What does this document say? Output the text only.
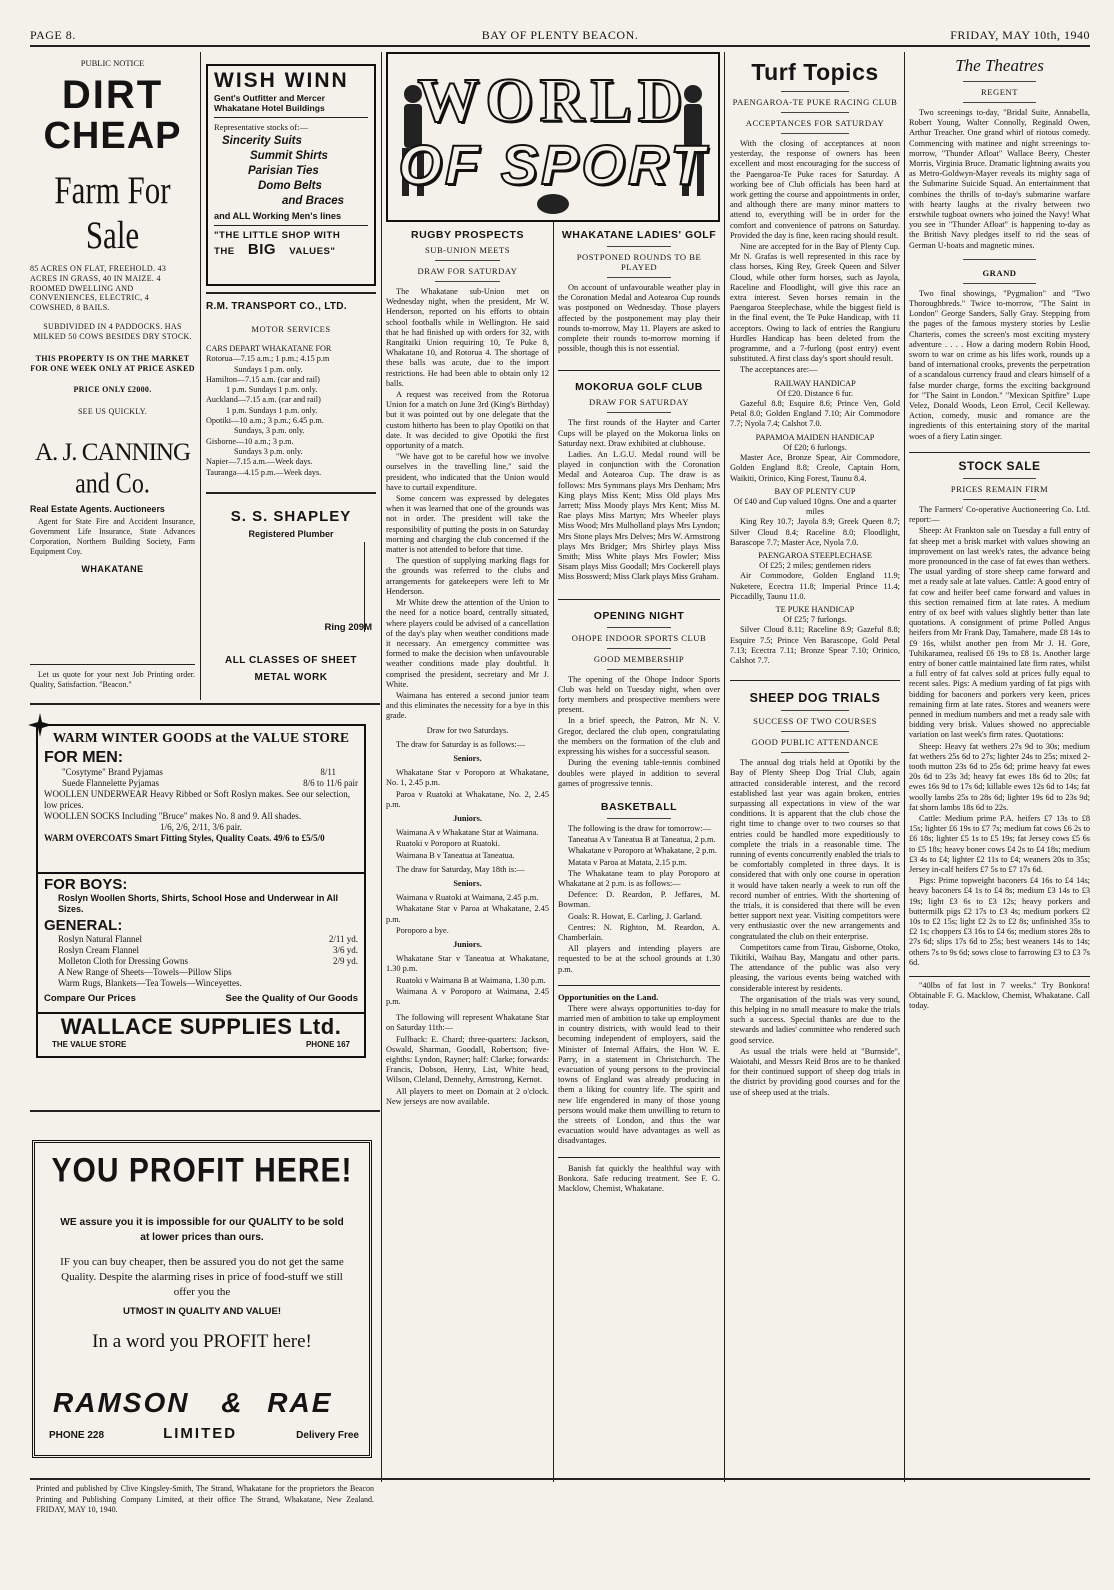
PAGE 8.	BAY OF PLENTY BEACON.	FRIDAY, MAY 10th, 1940
PUBLIC NOTICE
DIRT
CHEAP
Farm For Sale
85 ACRES ON FLAT, FREEHOLD. 43 ACRES IN GRASS, 40 IN MAIZE. 4 ROOMED DWELLING AND CONVENIENCES, ELECTRIC, 4 COWSHED, 8 BAILS.
SUBDIVIDED IN 4 PADDOCKS. HAS MILKED 50 COWS BESIDES DRY STOCK.
THIS PROPERTY IS ON THE MARKET FOR ONE WEEK ONLY AT PRICE ASKED
PRICE ONLY £2000.
SEE US QUICKLY.
A. J. CANNING
and Co.
Real Estate Agents. Auctioneers
Agent for State Fire and Accident Insurance, Government Life Insurance, State Advances Corporation, Northern Building Society, Farm Equipment Coy.
WHAKATANE
Let us quote for your next Job Printing order. Quality, Satisfaction. "Beacon."
WISH WINN
Gent's Outfitter and Mercer
Whakatane Hotel Buildings
Representative stocks of:—
Sincerity Suits
Summit Shirts
Parisian Ties
Domo Belts
and Braces
and ALL Working Men's lines
"THE LITTLE SHOP WITH
THE BIG VALUES"
R.M. TRANSPORT CO., LTD.
MOTOR SERVICES
CARS DEPART WHAKATANE FOR
Rotorua—7.15 a.m.; 1 p.m.; 4.15 p.m
Sundays 1 p.m. only.
Hamilton—7.15 a.m. (car and rail)
1 p.m. Sundays 1 p.m. only.
Auckland—7.15 a.m. (car and rail)
1 p.m. Sundays 1 p.m. only.
Opotiki—10 a.m.; 3 p.m.; 6.45 p.m.
Sundays, 3 p.m. only.
Gisborne—10 a.m.; 3 p.m.
Sundays 3 p.m. only.
Napier—7.15 a.m.—Week days.
Tauranga—4.15 p.m.—Week days.
S. S. SHAPLEY
Registered Plumber
Ring 209M
ALL CLASSES OF SHEET
METAL WORK
WARM WINTER GOODS at the VALUE STORE
FOR MEN:
"Cosytyme" Brand Pyjamas	8/11
Suede Flannelette Pyjamas	8/6 to 11/6 pair
WOOLLEN UNDERWEAR Heavy Ribbed or Soft Roslyn makes. See our selection, low prices.
WOOLLEN SOCKS Including "Bruce" makes No. 8 and 9. All shades.
1/6, 2/6, 2/11, 3/6 pair.
WARM OVERCOATS Smart Fitting Styles, Quality Coats. 49/6 to £5/5/0
FOR BOYS:
Roslyn Woollen Shorts, Shirts, School Hose and Underwear in All Sizes.
GENERAL:
Roslyn Natural Flannel	2/11 yd.
Roslyn Cream Flannel	3/6 yd.
Molleton Cloth for Dressing Gowns	2/9 yd.
A New Range of Sheets—Towels—Pillow Slips
Warm Rugs, Blankets—Tea Towels—Winceyettes.
Compare Our Prices	See the Quality of Our Goods
WALLACE SUPPLIES Ltd.
THE VALUE STORE	PHONE 167
YOU PROFIT HERE!
WE assure you it is impossible for our QUALITY to be sold at lower prices than ours.
IF you can buy cheaper, then be assured you do not get the same Quality. Despite the alarming rises in price of food-stuff we still offer you the
UTMOST IN QUALITY AND VALUE!
In a word you PROFIT here!
RAMSON & RAE
PHONE 228	LIMITED	Delivery Free
Printed and published by Clive Kingsley-Smith, The Strand, Whakatane for the proprietors the Beacon Printing and Publishing Company Limited, at their office The Strand, Whakatane, New Zealand. FRIDAY, MAY 10, 1940.
WORLD
OF SPORT
RUGBY PROSPECTS
SUB-UNION MEETS
DRAW FOR SATURDAY

The Whakatane sub-Union met on Wednesday night, when the president, Mr W. Henderson, reported on his efforts to obtain school footballs while in Wellington. He said that he had finished up with orders for 32, with Rangitaiki Union requiring 10, Te Puke 8, Whakatane 10, and Rotorua 4. The shortage of these balls was acute, due to the import restrictions. He had been able to obtain only 12 balls.

A request was received from the Rotorua Union for a match on June 3rd (King's Birthday) but it was pointed out by one delegate that the custom hitherto has been to play Opotiki on that date. It was decided to give Opotiki the first opportunity of a match.

"We have got to be careful how we involve ourselves in the travelling line," said the president, who indicated that the Union would have to curtail expenditure.

Some concern was expressed by delegates when it was learned that one of the grounds was not in order. The president will take the responsibility of putting the posts in on Saturday morning and charging the club concerned if the matter is not attended to before that time.

The question of supplying marking flags for the grounds was referred to the clubs and arrangements for gatekeepers were left to Mr Henderson.

Mr White drew the attention of the Union to the need for a notice board, centrally situated, where players could be advised of a cancellation of the day's play when weather conditions made it necessary. An emergency committee was formed to make the decision when unfavourable weather conditions made play doubtful. It comprised the president, secretary and Mr J. White.

Waimana has entered a second junior team and this eliminates the necessity for a bye in this grade.

Draw for two Saturdays.

The draw for Saturday is as follows:—

Seniors.

Whakatane Star v Poroporo at Whakatane, No. 1, 2.45 p.m.

Paroa v Ruatoki at Whakatane, No. 2, 2.45 p.m.

Juniors.

Waimana A v Whakatane Star at Waimana.

Ruatoki v Poroporo at Ruatoki.

Waimana B v Taneatua at Taneatua.

The draw for Saturday, May 18th is:—

Seniors.

Waimana v Ruatoki at Waimana, 2.45 p.m.

Whakatane Star v Paroa at Whakatane, 2.45 p.m.

Poroporo a bye.

Juniors.

Whakatane Star v Taneatua at Whakatane, 1.30 p.m.

Ruatoki v Waimana B at Waimana, 1.30 p.m.

Waimana A v Poroporo at Waimana, 2.45 p.m.

The following will represent Whakatane Star on Saturday 11th:—

Fullback: E. Chard; three-quarters: Jackson, Oswald, Sharman, Goodall, Robertson; five-eighths: Lyndon, Rayner; half: Clarke; forwards: Francis, Dobson, Henry, List, White head, Wilson, Cleland, Dennehy, Armstrong, Kernot.

All players to meet on Domain at 2 o'clock. New jerseys are now available.

WHAKATANE LADIES' GOLF
POSTPONED ROUNDS TO BE PLAYED

On account of unfavourable weather play in the Coronation Medal and Aotearoa Cup rounds was postponed on Wednesday. Those players affected by the postponement may play their rounds to-morrow, May 11. Players are asked to complete their rounds to-morrow morning if possible, though this is not essential.

MOKORUA GOLF CLUB
DRAW FOR SATURDAY

The first rounds of the Hayter and Carter Cups will be played on the Mokorua links on Saturday next. Draw exhibited at clubhouse.

Ladies. An L.G.U. Medal round will be played in conjunction with the Coronation Medal and Aotearoa Cup. The draw is as follows: Mrs Symmans plays Mrs Denham; Mrs King plays Miss Kent; Miss Old plays Mrs Jarrett; Miss Moody plays Mrs Kent; Miss M. Rae plays Miss Martyn; Mrs Wheeler plays Miss Wood; Mrs Mulholland plays Mrs Lyndon; Mrs Stone plays Mrs Delves; Mrs W. Armstrong plays Mrs Bridger; Mrs Shirley plays Miss Smith; Miss White plays Mrs Fowler; Miss Sisam plays Miss Goodall; Mrs Cockerell plays Miss Bosswerd; Miss Clark plays Miss Graham.

OPENING NIGHT
OHOPE INDOOR SPORTS CLUB
GOOD MEMBERSHIP

The opening of the Ohope Indoor Sports Club was held on Tuesday night, when over forty members and prospective members were present.

In a brief speech, the Patron, Mr N. V. Gregor, declared the club open, congratulating the members on the formation of the club and expressing his wishes for a successful season.

During the evening table-tennis combined doubles were played in addition to several games of progressive tennis.

BASKETBALL

The following is the draw for tomorrow:—

Taneatua A v Taneatua B at Taneatua, 2 p.m.

Whakatane v Poroporo at Whakatane, 2 p.m.

Matata v Paroa at Matata, 2.15 p.m.

The Whakatane team to play Poroporo at Whakatane at 2 p.m. is as follows:—

Defence: D. Reardon, P. Jeffares, M. Bowman.

Goals: R. Howat, E. Carling, J. Garland.

Centres: N. Righton, M. Reardon, A. Chamberlain.

All players and intending players are requested to be at the school grounds at 1.30 p.m.

Opportunities on the Land.

There were always opportunities to-day for married men of ambition to take up employment in country districts, with would lead to their becoming independent of employers, said the Minister of Internal Affairs, the Hon W. E. Parry, in a statement in Christchurch. The evacuation of young persons to the provincial towns of England was already producing in them a liking for country life. The spirit and new life engendered in many of those young persons would make them unwilling to return to the streets of London, and thus the war evacuation would have advantages as well as disadvantages.

Banish fat quickly the healthful way with Bonkora. Safe reducing treatment. See F. G. Macklow, Chemist, Whakatane.

Turf Topics
PAENGAROA-TE PUKE RACING CLUB
ACCEPTANCES FOR SATURDAY

With the closing of acceptances at noon yesterday, the response of owners has been excellent and most encouraging for the success of the Paengaroa-Te Puke races for Saturday. A working bee of Club officials has been hard at work getting the course and appointments in order, and although there are many minor matters to attend to, everything will be in order for the comfort and convenience of patrons on Saturday. Provided the day is fine, keen racing should result.

Nine are accepted for in the Bay of Plenty Cup. Mr N. Grafas is well represented in this race by class horses, King Rey, Greek Queen and Silver Cloud, while other form horses, such as Jayola, Raceline and Floodlight, will give this race an extra interest. Seven horses remain in the Paengaroa Steeplechase, while the biggest field is in the final event, the Te Puke Handicap, with 11 acceptors. Owing to lack of entries the Rangiuru Hurdles Handicap has been deleted from the programme, and a 7-furlong (post entry) event substituted. A first class day's sport should result.

The acceptances are:—

RAILWAY HANDICAP
Of £20. Distance 6 fur.

Gazeful 8.8; Esquire 8.6; Prince Ven, Gold Petal 8.0; Golden England 7.10; Air Commodore 7.7; Nyola 7.4; Calshot 7.0.

PAPAMOA MAIDEN HANDICAP
Of £20; 6 furlongs.

Master Ace, Bronze Spear, Air Commodore, Golden England 8.8; Creole, Captain Horn, Waikiti, Orinico, King Forest, Taunu 8.4.

BAY OF PLENTY CUP
Of £40 and Cup valued 10gns. One and a quarter miles

King Rey 10.7; Jayola 8.9; Greek Queen 8.7; Silver Cloud 8.4; Raceline 8.0; Floodlight, Barascope 7.7; Master Ace, Nyola 7.0.

PAENGAROA STEEPLECHASE
Of £25; 2 miles; gentlemen riders

Air Commodore, Golden England 11.9; Nuketere, Ecectra 11.8; Imperial Prince 11.4; Piccadilly, Taunu 11.0.

TE PUKE HANDICAP
Of £25; 7 furlongs.

Silver Cloud 8.11; Raceline 8.9; Gazeful 8.8; Esquire 7.5; Prince Ven Barascope, Gold Petal 7.13; Ecectra 7.11; Bronze Spear 7.10; Orinico, Calshot 7.7.

SHEEP DOG TRIALS
SUCCESS OF TWO COURSES
GOOD PUBLIC ATTENDANCE

The annual dog trials held at Opotiki by the Bay of Plenty Sheep Dog Trial Club, again attracted considerable interest, and the record established last year was again broken, entries surpassing all expectations in view of the war conditions. It is apparent that the club chose the right time to change over to two courses so that entries could be handled more expeditiously to complete the trials in a reasonable time. The running of events concurrently enabled the trials to be comfortably completed in three days. It is considered that with only one course in operation it would have taken nearly a week to run off the record number of entries. With the shortening of the trials, it is considered that there will be even better support next year. Visiting competitors were very enthusiastic over the new arrangements and congratulated the club on their enterprise.

Competitors came from Tirau, Gisborne, Otoko, Tikitiki, Waihau Bay, Mangatu and other parts. The attendance of the public was also very pleasing, the various events being watched with considerable interest by residents.

The organisation of the trials was very sound, this helping in no small measure to make the trials such a success. Special thanks are due to the stewards and ladies' committee who rendered such good service.

As usual the trials were held at "Burnside", Waiotahi, and Messrs Reid Bros are to be thanked for their continued support of sheep dog trials in the district by providing good courses and for the use of sheep used at the trials.

The Theatres
REGENT

Two screenings to-day, "Bridal Suite, Annabella, Robert Young, Walter Connolly, Reginald Owen, Arthur Treacher. One grand whirl of riotous comedy. Commencing with matinee and night screenings to-morrow, "Thunder Afloat" Wallace Beery, Chester Morris, Virginia Bruce. Dramatic lightning awaits you as Metro-Goldwyn-Mayer reveals its mighty saga of the Submarine Suicide Squad. An entertainment that combines the thrills of to-day's submarine warfare with hearty laughs at the rivalry between two erstwhile tugboat owners who joined the Navy! What you see in "Thunder Afloat" is happening to-day as the British Navy pledges itself to rid the seas of German U-boats and magnetic mines.

GRAND

Two final showings, "Pygmalion" and "Two Thoroughbreds." Twice to-morrow, "The Saint in London" George Sanders, Sally Gray. Stepping from the pages of the famous mystery stories by Leslie Charteris, comes the screen's most exciting mystery adventure . . . . How a daring modern Robin Hood, sworn to war on crime as his lifes work, rounds up a band of international crooks, prevents the perpetration of a scandalous currency fraud and clears himself of a false murder charge, forms the exciting background for "The Saint in London." "Mexican Spitfire" Lupe Velez, Donald Woods, Leon Errol, Cecil Kelleway. Action, comedy, music and romance are the ingredients of this entertaining story of the marital woes of a fiery Latin singer.

STOCK SALE
PRICES REMAIN FIRM

The Farmers' Co-operative Auctioneering Co. Ltd. report:—

Sheep: At Frankton sale on Tuesday a full entry of fat sheep met a brisk market with values showing an improvement on last week's rates, the advance being more pronounced in the case of fat ewes than wethers. The usual yarding of store sheep came forward and met a ready sale at late values. Cattle: A good entry of fat cow and heifer beef came forward and values in this section remained firm at late rates. A medium entry of ox beef with values slightly better than late quotations. A consignment of prime Polled Angus heifers from Mr Frank Day, Tamahere, made £8 14s to £9 16s, whilst another pen from Mr J. H. Gore, Tuhikaramea, realised £6 19s to £8 1s. Another large entry of boner cattle maintained late firm rates, whilst a full entry of fat calves sold at prices fully equal to recent sales. Pigs: A medium yarding of fat pigs with bidding for baconers and porkers very keen, prices remaining firm at late rates. Stores and weaners were penned in medium numbers and met a ready sale with bidding very brisk. Values showed no appreciable variation on last week's firm rates. Quotations:

Sheep: Heavy fat wethers 27s 9d to 30s; medium fat wethers 25s 6d to 27s; lighter 24s to 25s; mixed 2-tooth mutton 23s 6d to 25s 6d; prime heavy fat ewes 20s 6d to 23s 3d; heavy fat ewes 18s 6d to 20s; fat ewes 16s 9d to 17s 6d; killable ewes 12s 6d to 14s; fat woolly lambs 25s to 28s 6d; lighter 19s 6d to 23s 9d; fat shorn lambs 18s 6d to 22s.

Cattle: Medium prime P.A. heifers £7 13s to £8 15s; lighter £6 19s to £7 7s; medium fat cows £6 2s to £6 18s; lighter £5 1s to £5 19s; fat Jersey cows £5 6s to £5 18s; heavy boner cows £4 2s to £4 18s; medium £3 4s to £4; lighter £2 11s to £4; weaners 20s to 35s; Jersey in-calf heifers £7 5s to £7 17s 6d.

Pigs: Prime topweight baconers £4 16s to £4 14s; heavy baconers £4 1s to £4 8s; medium £3 14s to £3 19s; light £3 6s to £3 12s; heavy porkers and buttermilk pigs £2 17s to £3 4s; medium porkers £2 10s to £2 15s; light £2 2s to £2 8s; unfinished 35s to £2 1s; choppers £3 16s to £4 6s; medium stores 28s to 27s 6d; slips 17s 6d to 25s; best weaners 14s to 14s; others 7s to 9s 6d; sows close to farrowing £3 to £3 7s 6d.

"40lbs of fat lost in 7 weeks." Try Bonkora! Obtainable F. G. Macklow, Chemist, Whakatane. Call today.
